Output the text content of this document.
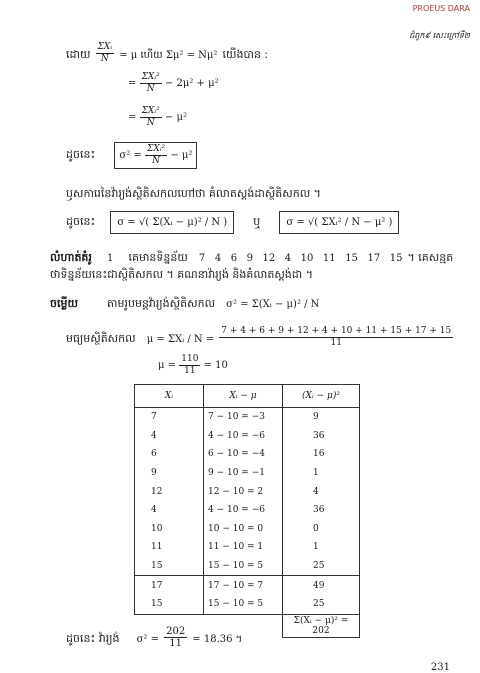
PROEUS DARA
ជំពូក៩ សេះក្រៅទី២
ដោយ $\frac{\text{ΣXᵢ}}{N} = \mu$ ហើយ Σμ² = Nμ² យើងបាន :
= $\frac{\text{ΣXᵢ²}}{N} - 2\mu^2 + \mu^2$
= $\frac{\text{ΣXᵢ²}}{N} - \mu^2$
ដូចនេះ $\sigma^2 = \frac{\text{ΣXᵢ²}}{N} - \mu^2$
ឫសការេនៃវ៉ារ្យង់ស្ថិតិសកលហៅថា គំលាតស្តង់ដាស្ថិតិសកល ។
ដូចនេះ σ = √( Σ(Xᵢ − μ)² / N ) ឬ	σ = √( ΣXᵢ² / N − μ² )
លំហាត់គំរូ 1 គេមានទិន្នន័យ 7   4   6   9   12   4   10   11   15   17   15 ។ គេសន្មត
ថាទិន្នន័យនេះជាស្ថិតិសកល ។ គណនាវ៉ារ្យង់ និងគំលាតស្តង់ដា ។
ចម្លើយ	តាមរូបមន្តវ៉ារ្យង់ស្ថិតិសកល σ² = Σ(Xᵢ − μ)² / N
មធ្យមស្ថិតិសកល μ = ΣXᵢ / $N = \frac{7 + 4 + 6 + 9 + 12 + 4 + 10 + 11 + 15 + 17 + 15}{11}$
$\mu = \frac{110}{11} = 10$
Xᵢ	Xᵢ − μ	(Xᵢ − μ)²
7	7 − 10 = −3	9
4	4 − 10 = −6	36
6	6 − 10 = −4	16
9	9 − 10 = −1	1
12	12 − 10 = 2	4
4	4 − 10 = −6	36
10	10 − 10 = 0	0
11	11 − 10 = 1	1
15	15 − 10 = 5	25
17	17 − 10 = 7	49
15	15 − 10 = 5	25
		Σ(Xᵢ − μ)² = 202
ដូចនេះ វ៉ារ្យង់ $\sigma^2 = \frac{202}{11} = 18.36$ ។
231
